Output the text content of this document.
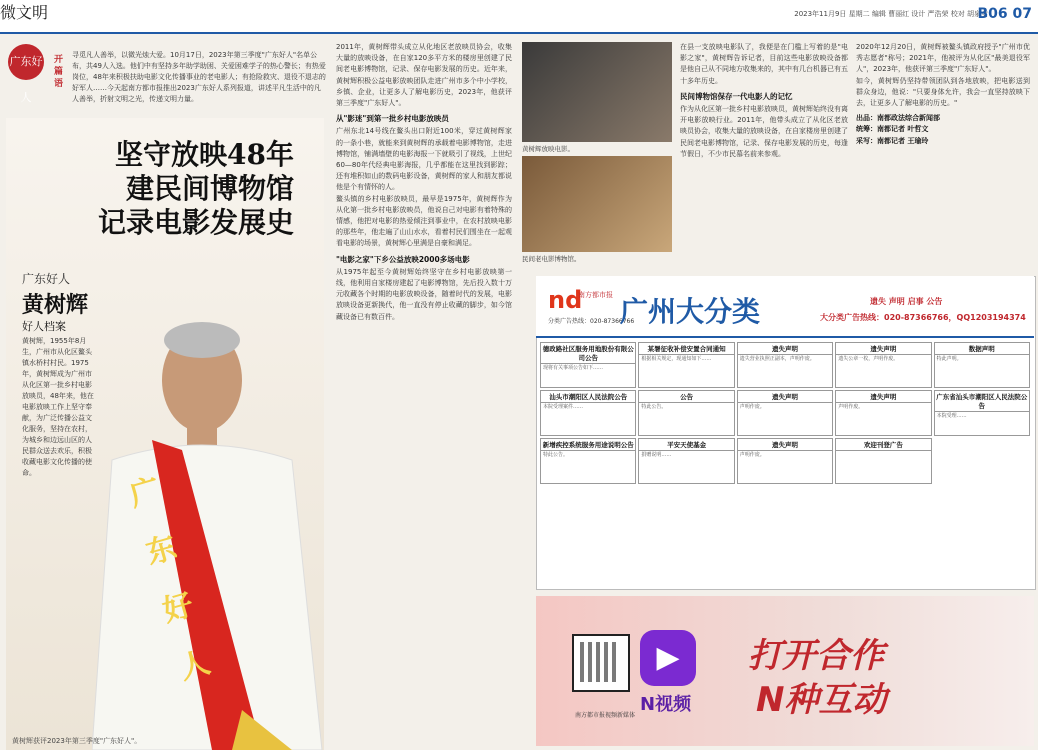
微文明	2023年11月9日 星期二 编辑 曹丽红 设计 严浩荣 校对 胡泉女
B06 07
广东好人
开篇语
寻觅凡人善举，以微光烛大爱。10月17日，2023年第三季度"广东好人"名单公布，共49人入选。他们中有坚持多年助学助困、关爱困难学子的热心警长；有热爱岗位，48年来积极扶助电影文化传播事业的老电影人；有抢险救灾、退役不退志的好军人……今天起南方都市报推出2023广东好人系列报道，讲述平凡生活中的凡人善举，折射文明之光，传递文明力量。
坚守放映48年
建民间博物馆
记录电影发展史
广东好人
黄树辉
好人档案
黄树辉，1955年8月生，广州市从化区鳌头镇水桥村村民。1975年，黄树辉成为广州市从化区第一批乡村电影放映员，48年来，他在电影放映工作上坚守奉献，为广泛传播公益文化服务，坚持在农村，为城乡和边远山区的人民群众送去欢乐，积极收藏电影文化传播的使命。	广东好人
黄树辉获评2023年第三季度"广东好人"。
2011年，黄树辉带头成立从化地区老放映员协会，收集大量的放映设备，在自家120多平方米的楼房里创建了民间老电影博物馆，记录、保存电影发展的历史。近年来，黄树辉积极公益电影放映团队走进广州市多个中小学校，乡镇、企业，让更多人了解电影历史，2023年，他获评第三季度"广东好人"。
从"影迷"到第一批乡村电影放映员
广州东北14号线在鳌头出口附近100米，穿过黄树辉家的一条小巷，就能来到黄树辉的承载着电影博物馆，走进博物馆，铺满墙壁的电影海报一下就吸引了视线，上世纪60—80年代经典电影海报，几乎都能在这里找到影踪；还有堆积如山的数码电影设备，黄树辉的家人和朋友都说他是个有情怀的人。
鳌头镇的乡村电影放映员，最早是1975年，黄树辉作为从化第一批乡村电影放映员，他说自己对电影有着特殊的情感，他把对电影的热爱倾注到事业中，在农村放映电影的那些年，他走遍了山山水水，看着村民们围坐在一起观看电影的场景，黄树辉心里满是自豪和满足。
"电影之家"下乡公益放映2000多场电影
从1975年起至今黄树辉始终坚守在乡村电影放映第一线，他利用自家楼房建起了电影博物馆，先后投入数十万元收藏各个时期的电影放映设备，随着时代的发展，电影放映设备更新换代，他一直没有停止收藏的脚步，如今馆藏设备已有数百件。
黄树辉放映电影。
民间老电影博物馆。
在县一支放映电影队了，我便是在门槛上写着的是"电影之家"，黄树辉告诉记者，目前这些电影放映设备都是他自己从不同地方收集来的，其中有几台机器已有五十多年历史。
民间博物馆保存一代电影人的记忆
作为从化区第一批乡村电影放映员，黄树辉始终没有离开电影放映行业。2011年，他带头成立了从化区老放映员协会，收集大量的放映设备，在自家楼房里创建了民间老电影博物馆，记录、保存电影发展的历史，每逢节假日，不少市民慕名前来参观。
2020年12月20日，黄树辉被鳌头镇政府授予"广州市优秀志愿者"称号；2021年，他被评为从化区"最美退役军人"，2023年，他获评第三季度"广东好人"。
如今，黄树辉仍坚持带领团队到各地放映，把电影送到群众身边，他说："只要身体允许，我会一直坚持放映下去，让更多人了解电影的历史。"
出品：南都政法综合新闻部
统筹：南都记者 叶哲文
采写：南都记者 王瑜玲
nd
南方都市报
分类广告热线：020-87366766
广州大分类	遗失 声明 启事 公告
大分类广告热线：020-87366766，QQ1203194374
德政路社区服务用地股份有限公司公告
现将有关事项公告如下……
某署征收补偿安置合同通知
根据相关规定，现通知如下……
遗失声明
遗失营业执照正副本，声明作废。
遗失声明
遗失公章一枚，声明作废。
数据声明
特此声明。
汕头市潮阳区人民法院公告
本院受理案件……
公告
特此公告。
遗失声明
声明作废。
遗失声明
声明作废。
广东省汕头市潮阳区人民法院公告
本院受理……
新增疾控系统服务用途说明公告
特此公告。
平安天使基金
捐赠说明……
遗失声明
声明作废。
欢迎刊登广告
▶
N视频
打开合作
N种互动
南方都市报视频新媒体
